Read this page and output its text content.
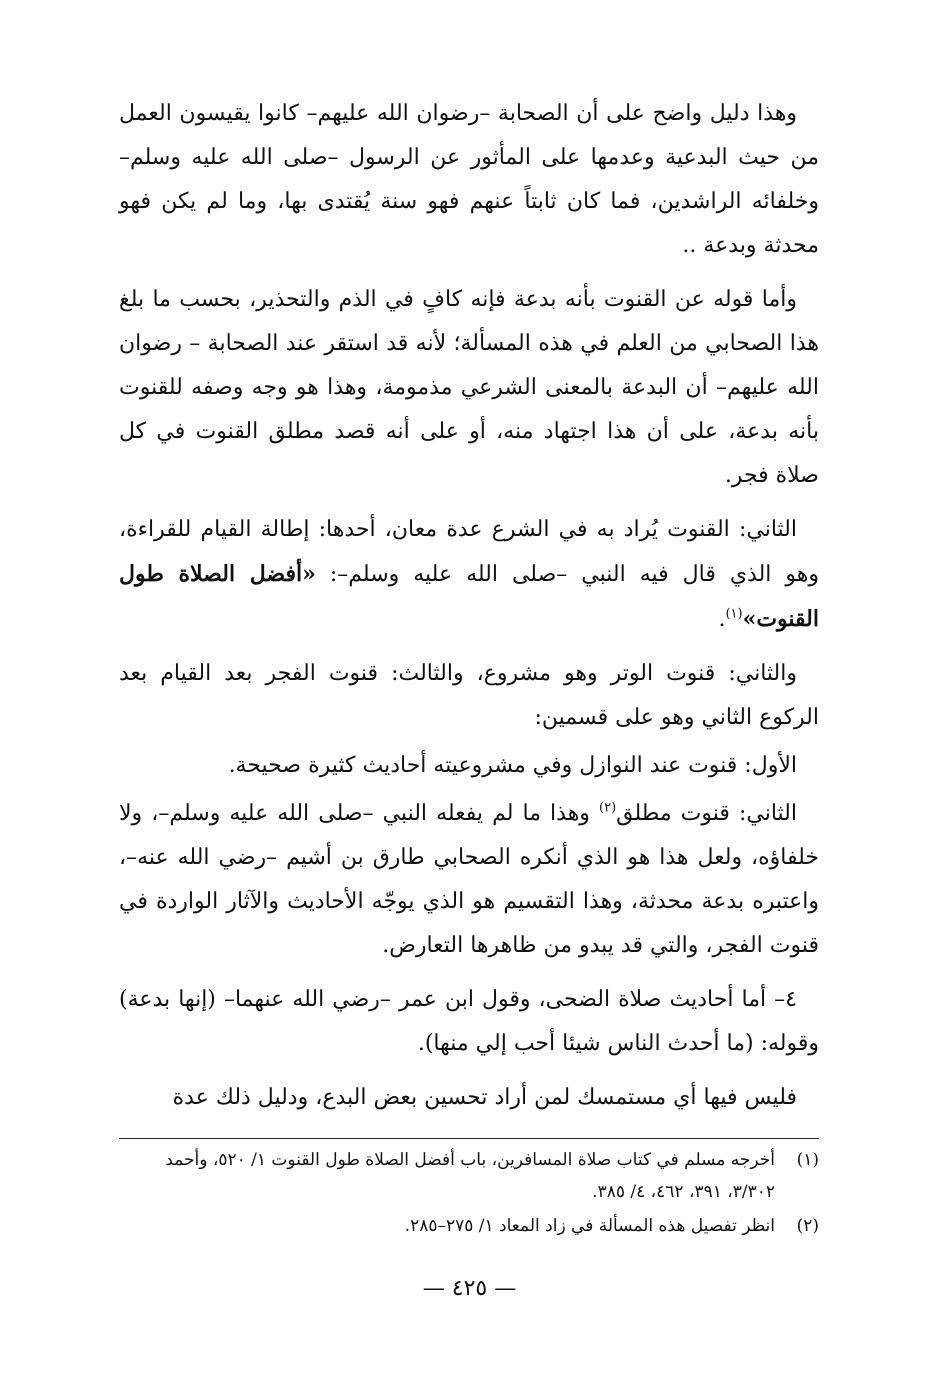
وهذا دليل واضح على أن الصحابة –رضوان الله عليهم– كانوا يقيسون العمل من حيث البدعية وعدمها على المأثور عن الرسول –صلى الله عليه وسلم– وخلفائه الراشدين، فما كان ثابتاً عنهم فهو سنة يُقتدى بها، وما لم يكن فهو محدثة وبدعة ..

وأما قوله عن القنوت بأنه بدعة فإنه كافٍ في الذم والتحذير، بحسب ما بلغ هذا الصحابي من العلم في هذه المسألة؛ لأنه قد استقر عند الصحابة – رضوان الله عليهم– أن البدعة بالمعنى الشرعي مذمومة، وهذا هو وجه وصفه للقنوت بأنه بدعة، على أن هذا اجتهاد منه، أو على أنه قصد مطلق القنوت في كل صلاة فجر.

الثاني: القنوت يُراد به في الشرع عدة معان، أحدها: إطالة القيام للقراءة، وهو الذي قال فيه النبي –صلى الله عليه وسلم–: «أفضل الصلاة طول القنوت»$^{(١)}$.

والثاني: قنوت الوتر وهو مشروع، والثالث: قنوت الفجر بعد القيام بعد الركوع الثاني وهو على قسمين:

الأول: قنوت عند النوازل وفي مشروعيته أحاديث كثيرة صحيحة.

الثاني: قنوت مطلق$^{(٢)}$ وهذا ما لم يفعله النبي –صلى الله عليه وسلم–، ولا خلفاؤه، ولعل هذا هو الذي أنكره الصحابي طارق بن أشيم –رضي الله عنه–، واعتبره بدعة محدثة، وهذا التقسيم هو الذي يوجّه الأحاديث والآثار الواردة في قنوت الفجر، والتي قد يبدو من ظاهرها التعارض.

٤– أما أحاديث صلاة الضحى، وقول ابن عمر –رضي الله عنهما– (إنها بدعة) وقوله: (ما أحدث الناس شيئا أحب إلي منها).

فليس فيها أي مستمسك لمن أراد تحسين بعض البدع، ودليل ذلك عدة

(١)
أخرجه مسلم في كتاب صلاة المسافرين، باب أفضل الصلاة طول القنوت ١/ ٥٢٠، وأحمد ٣/٣٠٢، ٣٩١، ٤٦٢، ٤/ ٣٨٥.
(٢)
انظر تفصيل هذه المسألة في زاد المعاد ١/ ٢٧٥–٢٨٥.
— ٤٢٥ —
